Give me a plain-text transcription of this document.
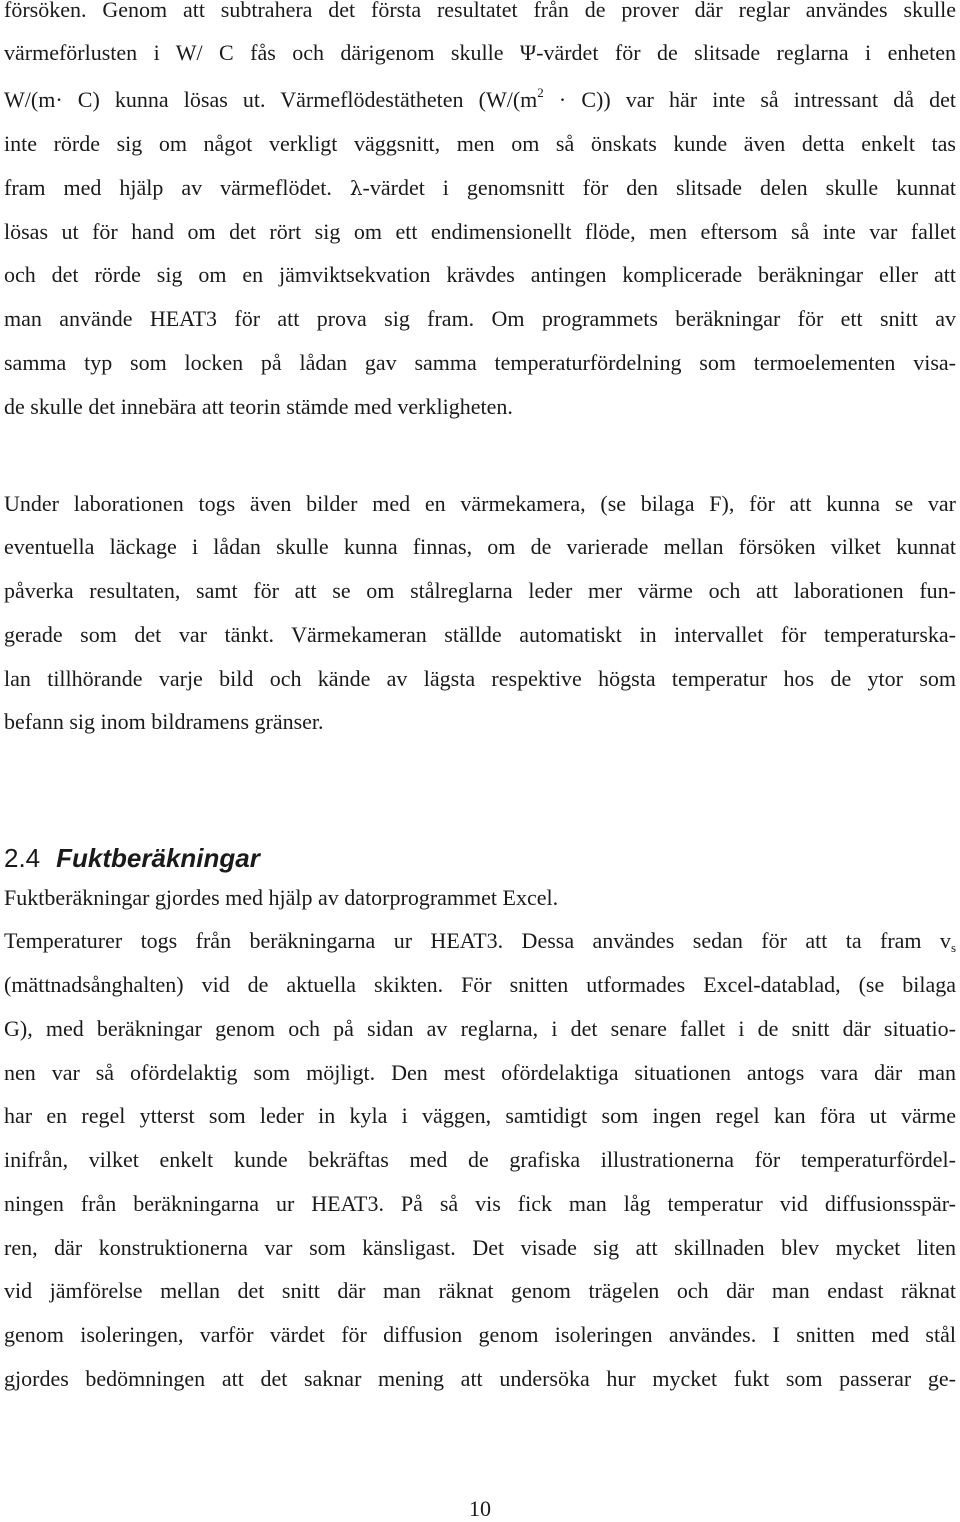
försöken. Genom att subtrahera det första resultatet från de prover där reglar användes skulle
värmeförlusten i W/ C fås och därigenom skulle Ψ-värdet för de slitsade reglarna i enheten
W/(m· C) kunna lösas ut. Värmeflödestätheten $(W/(m^2 \cdot C))$ var här inte så intressant då det
inte rörde sig om något verkligt väggsnitt, men om så önskats kunde även detta enkelt tas
fram med hjälp av värmeflödet. λ-värdet i genomsnitt för den slitsade delen skulle kunnat
lösas ut för hand om det rört sig om ett endimensionellt flöde, men eftersom så inte var fallet
och det rörde sig om en jämviktsekvation krävdes antingen komplicerade beräkningar eller att
man använde HEAT3 för att prova sig fram. Om programmets beräkningar för ett snitt av
samma typ som locken på lådan gav samma temperaturfördelning som termoelementen visa-
de skulle det innebära att teorin stämde med verkligheten.
Under laborationen togs även bilder med en värmekamera, (se bilaga F), för att kunna se var
eventuella läckage i lådan skulle kunna finnas, om de varierade mellan försöken vilket kunnat
påverka resultaten, samt för att se om stålreglarna leder mer värme och att laborationen fun-
gerade som det var tänkt. Värmekameran ställde automatiskt in intervallet för temperaturska-
lan tillhörande varje bild och kände av lägsta respektive högsta temperatur hos de ytor som
befann sig inom bildramens gränser.
2.4 Fuktberäkningar
Fuktberäkningar gjordes med hjälp av datorprogrammet Excel.
Temperaturer togs från beräkningarna ur HEAT3. Dessa användes sedan för att ta fram vs
(mättnadsånghalten) vid de aktuella skikten. För snitten utformades Excel-datablad, (se bilaga
G), med beräkningar genom och på sidan av reglarna, i det senare fallet i de snitt där situatio-
nen var så ofördelaktig som möjligt. Den mest ofördelaktiga situationen antogs vara där man
har en regel ytterst som leder in kyla i väggen, samtidigt som ingen regel kan föra ut värme
inifrån, vilket enkelt kunde bekräftas med de grafiska illustrationerna för temperaturfördel-
ningen från beräkningarna ur HEAT3. På så vis fick man låg temperatur vid diffusionsspär-
ren, där konstruktionerna var som känsligast. Det visade sig att skillnaden blev mycket liten
vid jämförelse mellan det snitt där man räknat genom trägelen och där man endast räknat
genom isoleringen, varför värdet för diffusion genom isoleringen användes. I snitten med stål
gjordes bedömningen att det saknar mening att undersöka hur mycket fukt som passerar ge-
10
